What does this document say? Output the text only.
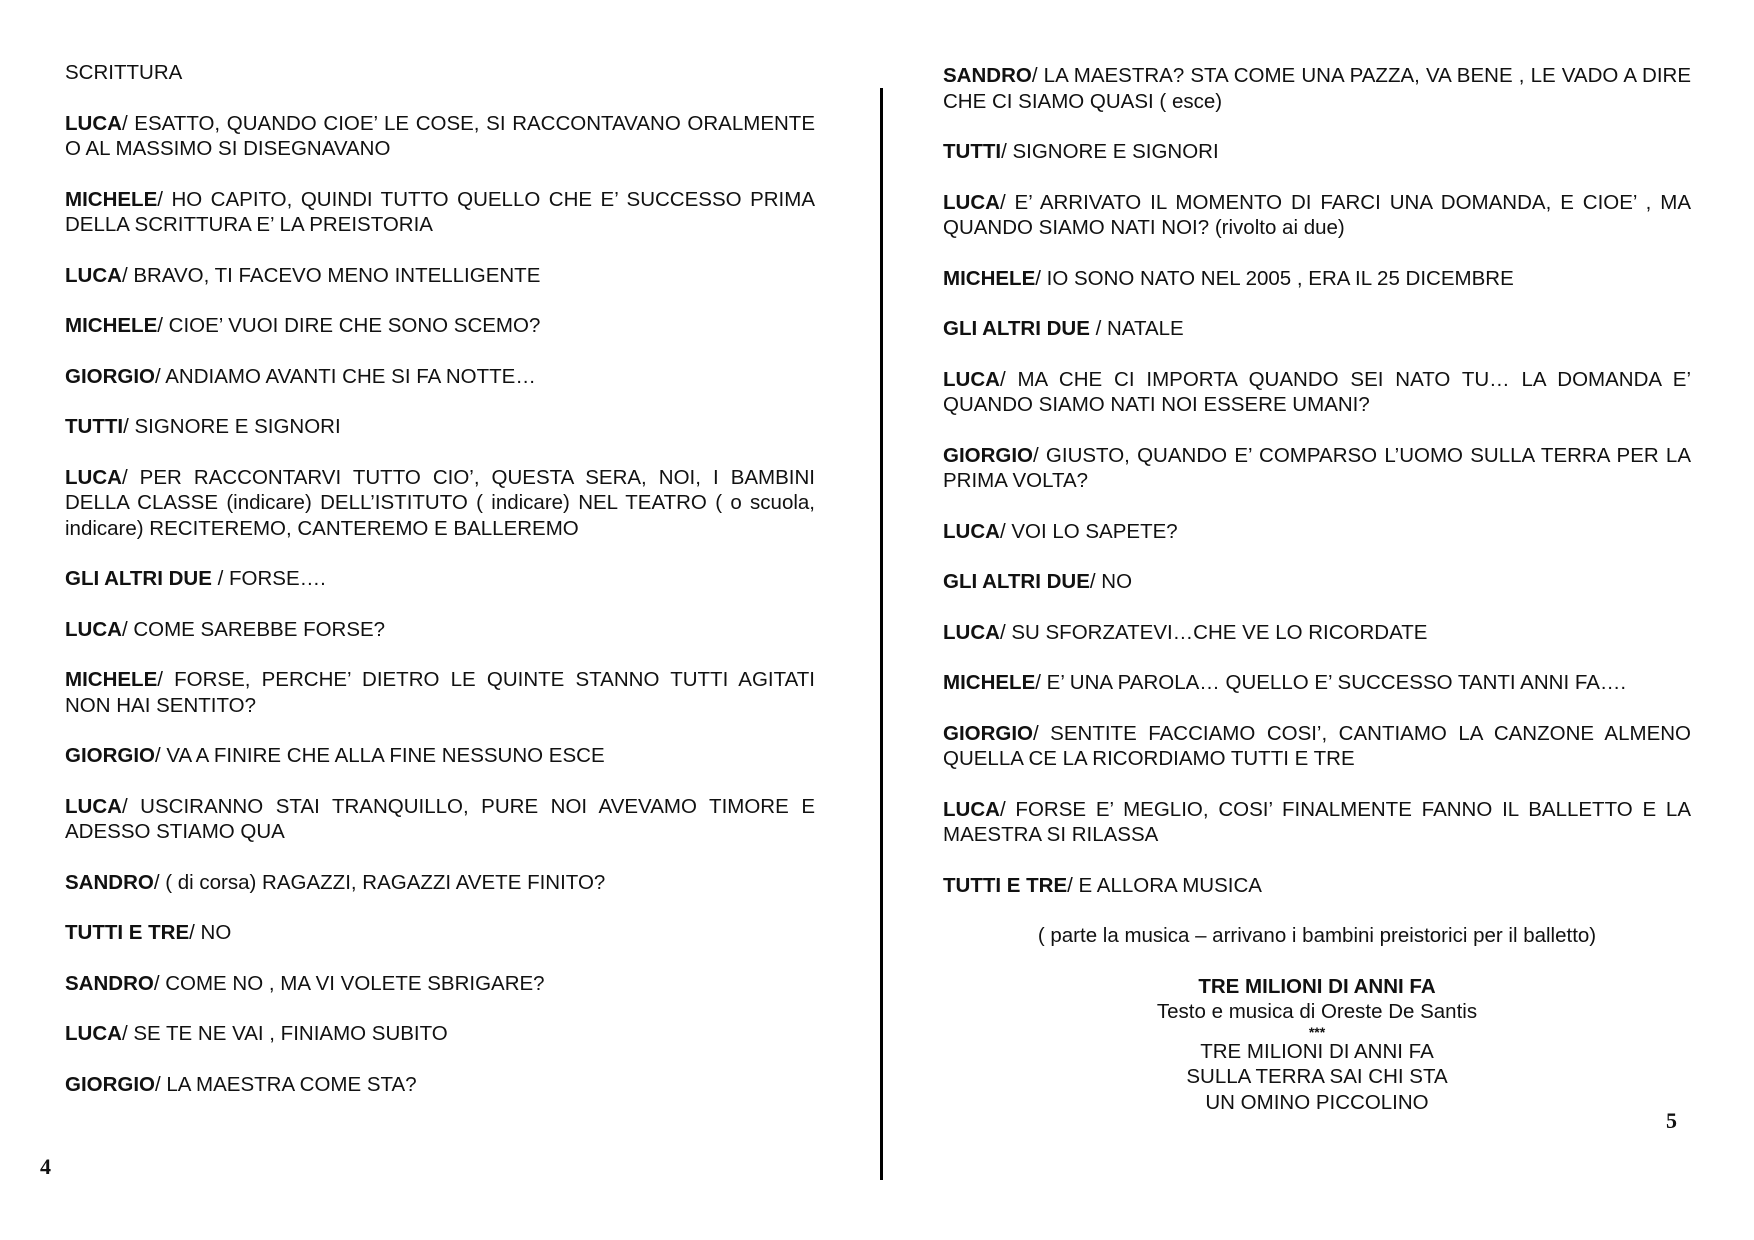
SCRITTURA

LUCA/ ESATTO, QUANDO CIOE’ LE COSE, SI RACCONTAVANO ORALMENTE O AL MASSIMO SI DISEGNAVANO

MICHELE/ HO CAPITO, QUINDI TUTTO QUELLO CHE E’ SUCCESSO PRIMA DELLA SCRITTURA E’ LA PREISTORIA

LUCA/ BRAVO, TI FACEVO MENO INTELLIGENTE

MICHELE/ CIOE’ VUOI DIRE CHE SONO SCEMO?

GIORGIO/ ANDIAMO AVANTI CHE SI FA NOTTE…

TUTTI/ SIGNORE E SIGNORI

LUCA/ PER RACCONTARVI TUTTO CIO’, QUESTA SERA, NOI, I BAMBINI DELLA CLASSE (indicare) DELL’ISTITUTO ( indicare) NEL TEATRO ( o scuola, indicare) RECITEREMO, CANTEREMO E BALLEREMO

GLI ALTRI DUE / FORSE….

LUCA/ COME SAREBBE FORSE?

MICHELE/ FORSE, PERCHE’ DIETRO LE QUINTE STANNO TUTTI AGITATI NON HAI SENTITO?

GIORGIO/ VA A FINIRE CHE ALLA FINE NESSUNO ESCE

LUCA/ USCIRANNO STAI TRANQUILLO, PURE NOI AVEVAMO TIMORE E ADESSO STIAMO QUA

SANDRO/ ( di corsa) RAGAZZI, RAGAZZI AVETE FINITO?

TUTTI E TRE/ NO

SANDRO/ COME NO , MA VI VOLETE SBRIGARE?

LUCA/ SE TE NE VAI , FINIAMO SUBITO

GIORGIO/ LA MAESTRA COME STA?

SANDRO/ LA MAESTRA? STA COME UNA PAZZA, VA BENE , LE VADO A DIRE CHE CI SIAMO QUASI ( esce)

TUTTI/ SIGNORE E SIGNORI

LUCA/ E’ ARRIVATO IL MOMENTO DI FARCI UNA DOMANDA, E CIOE’ , MA QUANDO SIAMO NATI NOI? (rivolto ai due)

MICHELE/ IO SONO NATO NEL 2005 , ERA IL 25 DICEMBRE

GLI ALTRI DUE / NATALE

LUCA/ MA CHE CI IMPORTA QUANDO SEI NATO TU… LA DOMANDA E’ QUANDO SIAMO NATI NOI ESSERE UMANI?

GIORGIO/ GIUSTO, QUANDO E’ COMPARSO L’UOMO SULLA TERRA PER LA PRIMA VOLTA?

LUCA/ VOI LO SAPETE?

GLI ALTRI DUE/ NO

LUCA/ SU SFORZATEVI…CHE VE LO RICORDATE

MICHELE/ E’ UNA PAROLA… QUELLO E’ SUCCESSO TANTI ANNI FA….

GIORGIO/ SENTITE FACCIAMO COSI’, CANTIAMO LA CANZONE ALMENO QUELLA CE LA RICORDIAMO TUTTI E TRE

LUCA/ FORSE E’ MEGLIO, COSI’ FINALMENTE FANNO IL BALLETTO E LA MAESTRA SI RILASSA

TUTTI E TRE/ E ALLORA MUSICA

( parte la musica – arrivano i bambini preistorici per il balletto)

TRE MILIONI DI ANNI FA
Testo e musica di Oreste De Santis
***
TRE MILIONI DI ANNI FA
SULLA TERRA SAI CHI STA
UN OMINO PICCOLINO
4
5
